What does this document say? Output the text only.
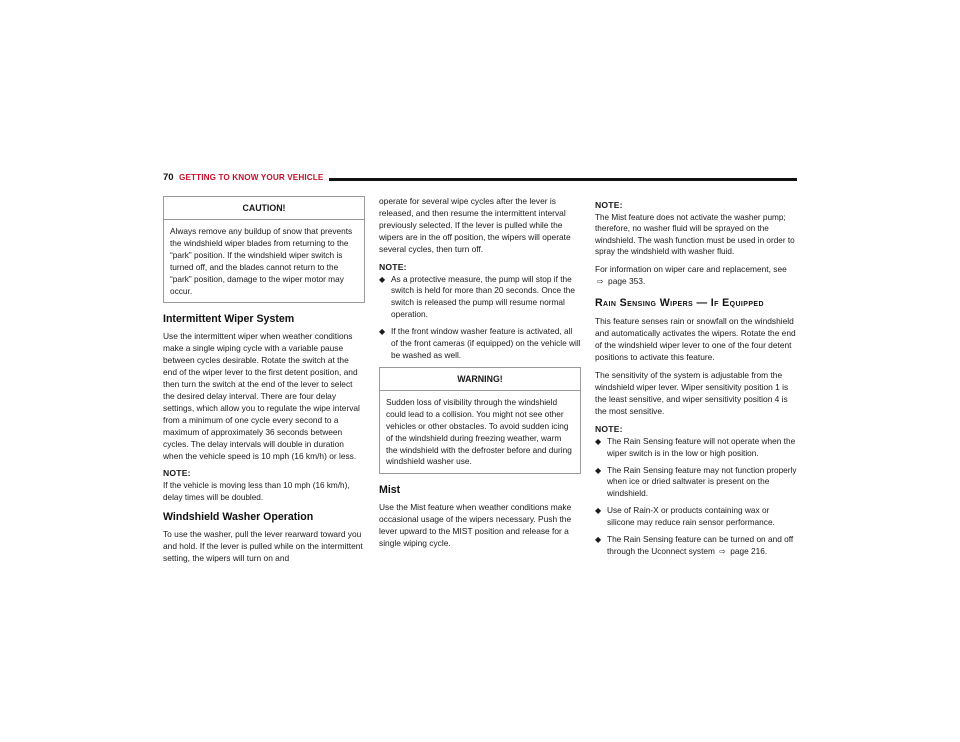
70 GETTING TO KNOW YOUR VEHICLE
CAUTION!
Always remove any buildup of snow that prevents the windshield wiper blades from returning to the “park” position. If the windshield wiper switch is turned off, and the blades cannot return to the “park” position, damage to the wiper motor may occur.
Intermittent Wiper System

Use the intermittent wiper when weather conditions make a single wiping cycle with a variable pause between cycles desirable. Rotate the switch at the end of the wiper lever to the first detent position, and then turn the switch at the end of the lever to select the desired delay interval. There are four delay settings, which allow you to regulate the wipe interval from a minimum of one cycle every second to a maximum of approximately 36 seconds between cycles. The delay intervals will double in duration when the vehicle speed is 10 mph (16 km/h) or less.

NOTE:

If the vehicle is moving less than 10 mph (16 km/h), delay times will be doubled.

Windshield Washer Operation

To use the washer, pull the lever rearward toward you and hold. If the lever is pulled while on the intermittent setting, the wipers will turn on and

operate for several wipe cycles after the lever is released, and then resume the intermittent interval previously selected. If the lever is pulled while the wipers are in the off position, the wipers will operate several cycles, then turn off.

NOTE:
◆ As a protective measure, the pump will stop if the switch is held for more than 20 seconds. Once the switch is released the pump will resume normal operation.
◆ If the front window washer feature is activated, all of the front cameras (if equipped) on the vehicle will be washed as well.
WARNING!
Sudden loss of visibility through the windshield could lead to a collision. You might not see other vehicles or other obstacles. To avoid sudden icing of the windshield during freezing weather, warm the windshield with the defroster before and during windshield washer use.
Mist

Use the Mist feature when weather conditions make occasional usage of the wipers necessary. Push the lever upward to the MIST position and release for a single wiping cycle.

NOTE:

The Mist feature does not activate the washer pump; therefore, no washer fluid will be sprayed on the windshield. The wash function must be used in order to spray the windshield with washer fluid.

For information on wiper care and replacement, see ⇨ page 353.

Rain Sensing Wipers — If Equipped

This feature senses rain or snowfall on the windshield and automatically activates the wipers. Rotate the end of the windshield wiper lever to one of the four detent positions to activate this feature.

The sensitivity of the system is adjustable from the windshield wiper lever. Wiper sensitivity position 1 is the least sensitive, and wiper sensitivity position 4 is the most sensitive.

NOTE:
◆ The Rain Sensing feature will not operate when the wiper switch is in the low or high position.
◆ The Rain Sensing feature may not function properly when ice or dried saltwater is present on the windshield.
◆ Use of Rain-X or products containing wax or silicone may reduce rain sensor performance.
◆ The Rain Sensing feature can be turned on and off through the Uconnect system ⇨ page 216.
